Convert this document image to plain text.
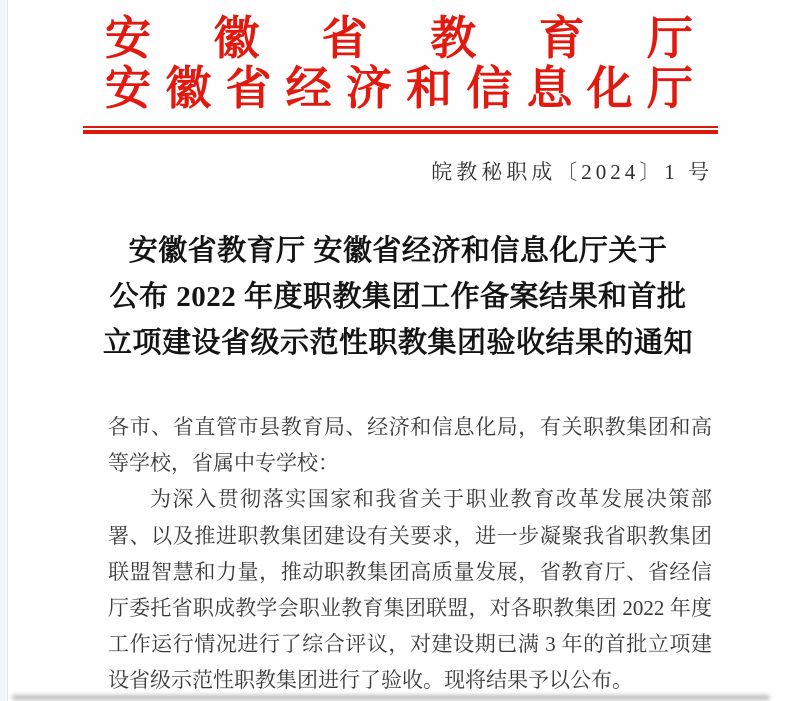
安徽省教育厅
安徽省经济和信息化厅
皖教秘职成〔2024〕1 号
安徽省教育厅 安徽省经济和信息化厅关于
公布 2022 年度职教集团工作备案结果和首批
立项建设省级示范性职教集团验收结果的通知
各市、省直管市县教育局、经济和信息化局，有关职教集团和高
等学校，省属中专学校：
为深入贯彻落实国家和我省关于职业教育改革发展决策部
署、以及推进职教集团建设有关要求，进一步凝聚我省职教集团
联盟智慧和力量，推动职教集团高质量发展，省教育厅、省经信
厅委托省职成教学会职业教育集团联盟，对各职教集团 2022 年度
工作运行情况进行了综合评议，对建设期已满 3 年的首批立项建
设省级示范性职教集团进行了验收。现将结果予以公布。
